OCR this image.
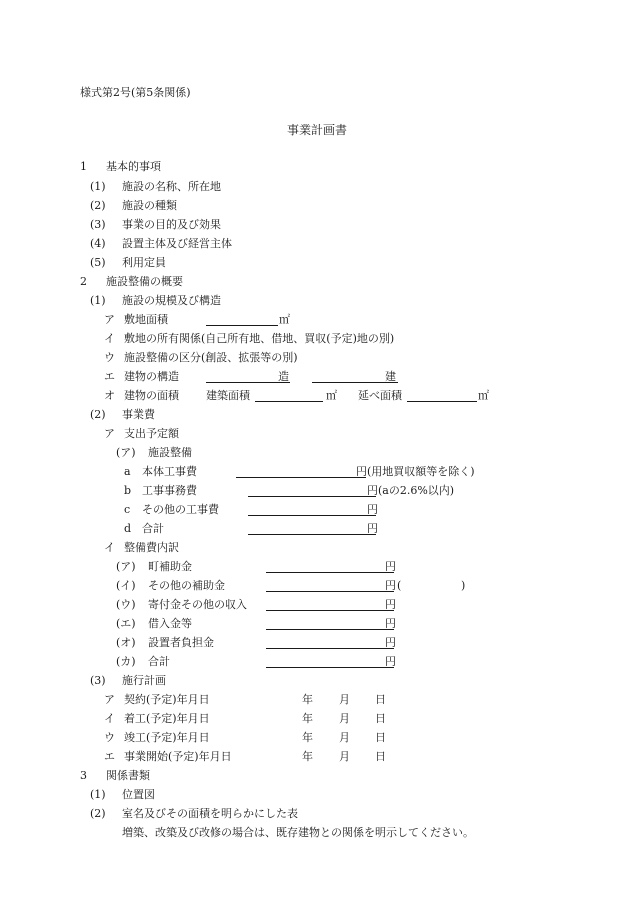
様式第2号(第5条関係)
事業計画書
1 基本的事項
(1) 施設の名称、所在地
(2) 施設の種類
(3) 事業の目的及び効果
(4) 設置主体及び経営主体
(5) 利用定員
2 施設整備の概要
(1) 施設の規模及び構造
ア 敷地面積	㎡
イ 敷地の所有関係(自己所有地、借地、買収(予定)地の別)
ウ 施設整備の区分(創設、拡張等の別)
エ 建物の構造	造	建
オ 建物の面積 建築面積	㎡ 延べ面積	㎡
(2) 事業費
ア 支出予定額
(ア) 施設整備
a 本体工事費	円 (用地買収額等を除く)
b 工事事務費	円 (aの2.6%以内)
c その他の工事費	円
d 合計	円
イ 整備費内訳
(ア) 町補助金	円
(イ) その他の補助金	円 (	)
(ウ) 寄付金その他の収入	円
(エ) 借入金等	円
(オ) 設置者負担金	円
(カ) 合計	円
(3) 施行計画
ア 契約(予定)年月日	年 月 日
イ 着工(予定)年月日	年 月 日
ウ 竣工(予定)年月日	年 月 日
エ 事業開始(予定)年月日	年 月 日
3 関係書類
(1) 位置図
(2) 室名及びその面積を明らかにした表
増築、改築及び改修の場合は、既存建物との関係を明示してください。
